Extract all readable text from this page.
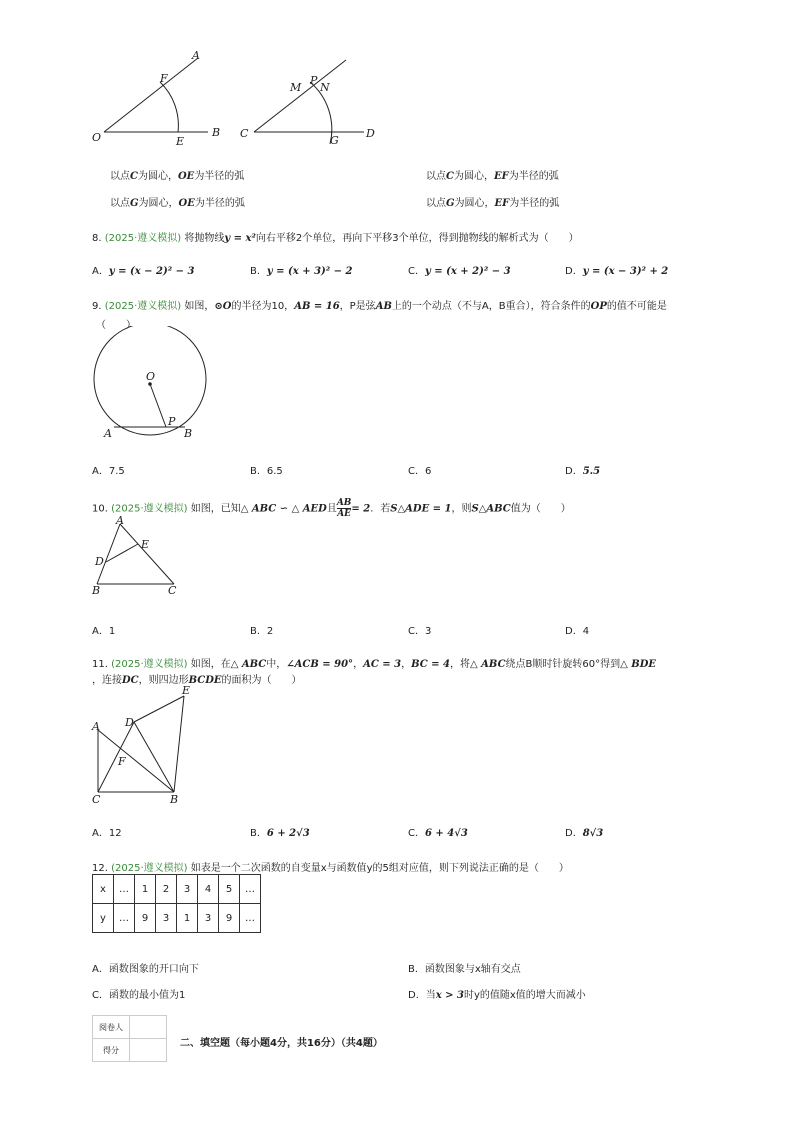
A
F
O	E
B
M
P
N
C
G
D
以点C为圆心，OE为半径的弧	以点C为圆心，EF为半径的弧
以点G为圆心，OE为半径的弧	以点G为圆心，EF为半径的弧
8. (2025·遵义模拟) 将抛物线y = x²向右平移2个单位，再向下平移3个单位，得到抛物线的解析式为（　　）
A．y = (x − 2)² − 3	B．y = (x + 3)² − 2	C．y = (x + 2)² − 3	D．y = (x − 3)² + 2
9. (2025·遵义模拟) 如图，⊙O的半径为10，AB = 16，P是弦AB上的一个动点（不与A，B重合），符合条件的OP的值不可能是
（　　）
O
A
P
B
A．7.5	B．6.5	C．6	D．5.5
10. (2025·遵义模拟) 如图，已知△ ABC ∽ △ AED且 $\frac{AB}{AE} = 2$．若S△ADE = 1，则S△ABC值为（　　）
A
E
D
B	C
A．1	B．2	C．3	D．4
11. (2025·遵义模拟) 如图，在△ ABC中，∠ACB = 90°，AC = 3，BC = 4，将△ ABC绕点B顺时针旋转60°得到△ BDE
，连接DC，则四边形BCDE的面积为（　　）
A D
E
F
C	B
A．12	B．6 + 2√3	C．6 + 4√3	D．8√3
12. (2025·遵义模拟) 如表是一个二次函数的自变量x与函数值y的5组对应值，则下列说法正确的是（　　）
x	…	1	2	3	4	5	…
y	…	9	3	1	3	9	…
A．函数图象的开口向下	B．函数图象与x轴有交点
C．函数的最小值为1	D．当x > 3时y的值随x值的增大而减小
阅卷人	
得分	
二、填空题（每小题4分，共16分）（共4题）
